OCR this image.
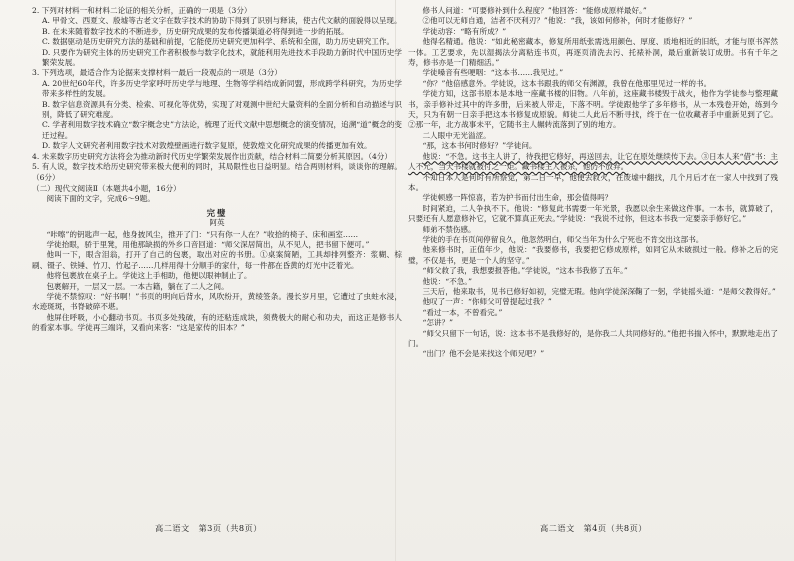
2. 下列对材料一和材料二论证的相关分析，正确的一项是（3分）

A. 甲骨文、西夏文、殷墟等古老文字在数字技术的协助下得到了识别与释读，使古代文献的面貌得以呈现。

B. 在未来随着数字技术的不断进步，历史研究成果的发布传播渠道必将得到进一步的拓展。

C. 数据驱动是历史研究方法的基础和前提，它能使历史研究更加科学、系统和全面，助力历史研究工作。

D. 只要作为研究主体的历史研究工作者积极参与数字化技术，就能利用先进技术手段助力新时代中国历史学繁荣发展。

3. 下列选项，最适合作为论据来支撑材料一最后一段观点的一项是（3分）

A. 20世纪60年代，许多历史学家呼吁历史学与地理、生物等学科结成新同盟，形成跨学科研究，为历史学带来多样性的发展。

B. 数字信息资源具有分类、检索、可视化等优势，实现了对观测中世纪大量资料的全面分析和自动描述与识别，降低了研究难度。

C. 学者利用数字技术确立“数字概念史”方法论，梳理了近代文献中思想概念的演变情况，追溯“道”概念的变迁过程。

D. 数字人文研究者利用数字技术对敦煌壁画进行数字复原，使敦煌文化研究成果的传播更加有效。

4. 未来数字历史研究方法将会为推动新时代历史学繁荣发展作出贡献，结合材料二简要分析其原因。（4分）

5. 有人说，数字技术给历史研究带来极大便利的同时，其局限性也日益明显。结合两则材料，谈谈你的理解。（6分）

（二）现代文阅读Ⅱ（本题共4小题，16分）

阅读下面的文字，完成6～9题。

完璧

阿英

“咔嚓”的钥匙声一起，他身披风尘，推开了门：“只有你一人在？”收拾的椅子、床和画室……

学徒抬眼，骄于里凳，用他那缺损的外乡口音回道：“师父深居简出，从不见人，把书留下便可。”

他叫一下，眼含泪翁，打开了自己的包裹，取出对应的书册。①桌案简陋，工具却排列整齐：浆糊、棕刷、镊子、铁锤、竹刀、竹起子……几样用得十分顺手的家什，每一件都在昏黄的灯光中泛着光。

他将包裹放在桌子上。学徒这上手相助，他便以眼神制止了。

包裹解开，一层又一层。一本古籍，躺在了二人之间。

学徒不禁惊叹：“好书啊！”书页的明向后背水，风吹纷开，黄绫签条。漫长岁月里，它遭过了虫蛀水浸，水迹斑斑，书脊破碎不堪。

他屏住呼吸，小心翻动书页。书页多处残破，有的还粘连成块，须费极大的耐心和功夫，而这正是修书人的看家本事。学徒再三端详，又看向来客：“这是家传的旧本？”

修书人问道：“可要修补到什么程度？”他回答：“能修成原样最好。”

②他可以无师自通，洁者不厌利刃？”他说：“我，该如何修补，何时才能修好？”

学徒动容：“略有所成？”

他得名精通。他说：“如此秘密藏本，修复所用纸张需选用颜色、厚度、质地相近的旧纸，才能与原书浑然一体。工艺要求，先以湿揭法分离粘连书页，再逐页清洗去污、托裱补洞，最后重新装订成册。书有千年之寿，修书亦是一门精细活。”

学徒嗓音有些哽咽：“这本书……我见过。”

“你？”他倍感意外。学徒说，这本书跟我的师父有渊源，我曾在他那里见过一样的书。

学徒方知，这部书原本是本地一座藏书楼的旧物。八年前，这座藏书楼毁于战火，他作为学徒参与整理藏书，亲手修补过其中的许多册，后来被人带走，下落不明。学徒跟他学了多年修书，从一本残卷开始，练到今天，只为有朝一日亲手把这本书修复成原貌。师徒二人此后不断寻找，终于在一位收藏者手中重新见到了它。②那一年，北方战事未平，它随书主人辗转流落到了别的地方。

二人眼中无光溢涩。

“那，这本书何时修好？”学徒问。

他说：“不急。这书主人讲了，待我把它修好，再送回去，让它在原处继续传下去。③日本人来“借”书：主人不允，当天书楼就被付之一炬。藏书楼主人被杀，他仍不放弃。

不知日本人是何时有所察觉，第二日一早，他便去救火，在废墟中翻找，几个月后才在一家人中找到了残本。

学徒顿感一阵惊喜，若为护书而付出生命，那会值得吗？

时间紧迫，二人争执不下。他说：“修复此书需要一年光景，我愿以余生来做这件事。一本书，就算破了，只要还有人愿意修补它，它就不算真正死去。”学徒说：“我说不过你，但这本书我一定要亲手修好它。”

师弟不禁伤感。

学徒的手在书页间停留良久，他忽然明白，师父当年为什么宁死也不肯交出这部书。

他来修书时，正值年少，他说：“我要修书，我要把它修成原样，如同它从未破损过一般。修补之后的完璧，不仅是书，更是一个人的坚守。”

“师父救了我，我想要报答他。”学徒说，“这本书我修了五年。”

他说：“不急。”

三天后，他来取书，见书已修好如初，完璧无瑕。他向学徒深深鞠了一躬，学徒摇头道：“是师父教得好。”

他叹了一声：“你师父可曾提起过我？”

“看过一本，不曾看完。”

“怎讲？”

“师父只留下一句话，说：这本书不是我修好的，是你我二人共同修好的。”他把书揣入怀中，默默地走出了门。

“出门？他不会是来找这个师兄吧？”

高二语文　第3页（共8页）	高二语文　第4页（共8页）
